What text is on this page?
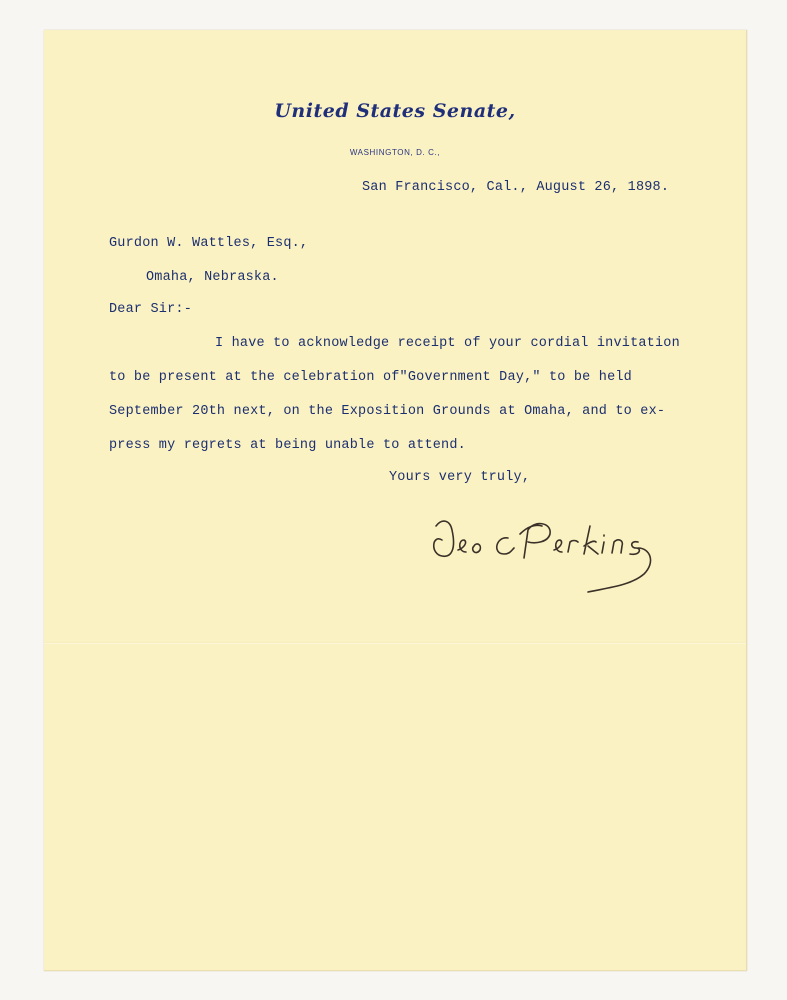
United States Senate,
WASHINGTON, D. C.,
San Francisco, Cal., August 26, 1898.
Gurdon W. Wattles, Esq.,
Omaha, Nebraska.
Dear Sir:-
I have to acknowledge receipt of your cordial invitation
to be present at the celebration of"Government Day," to be held
September 20th next, on the Exposition Grounds at Omaha, and to ex-
press my regrets at being unable to attend.
Yours very truly,
